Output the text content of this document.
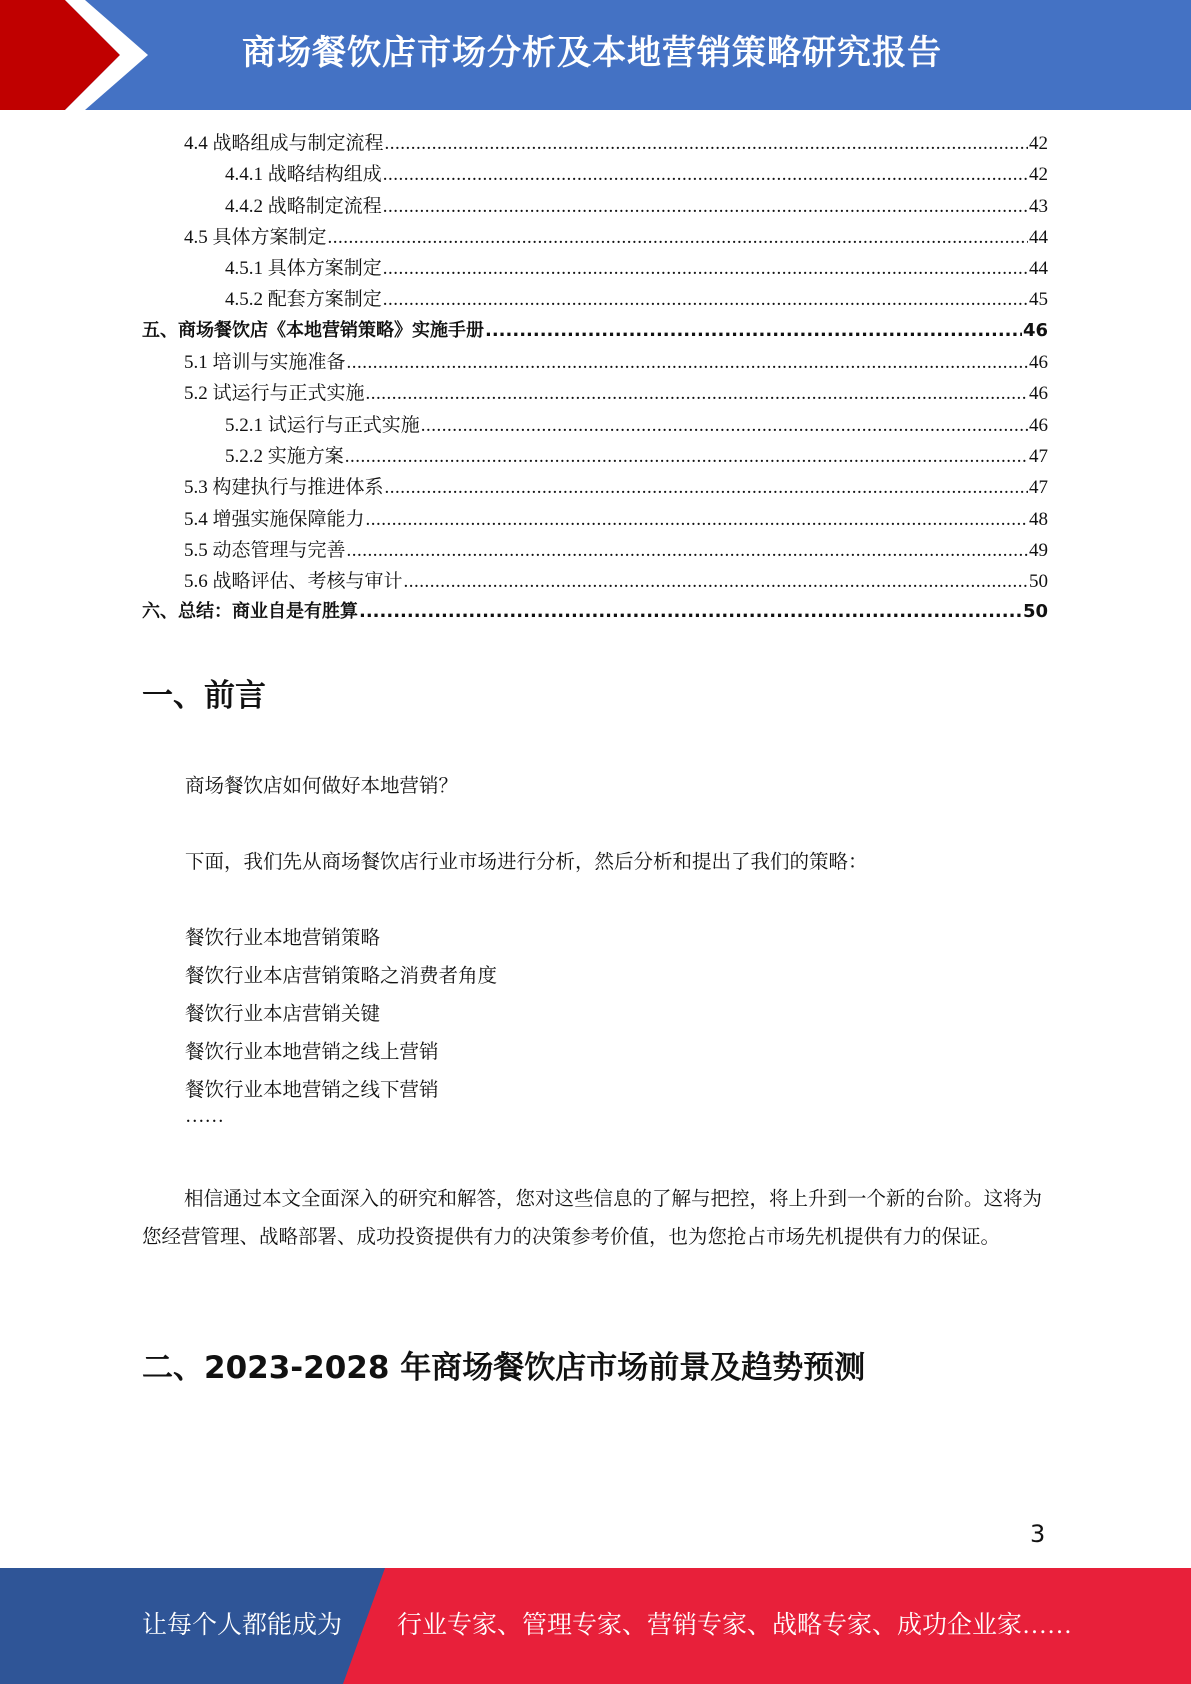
商场餐饮店市场分析及本地营销策略研究报告
4.4 战略组成与制定流程 .....	42
4.4.1 战略结构组成 .....	42
4.4.2 战略制定流程 .....	43
4.5 具体方案制定 .....	44
4.5.1 具体方案制定 .....	44
4.5.2 配套方案制定 .....	45
五、商场餐饮店《本地营销策略》实施手册 .....	46
5.1 培训与实施准备 .....	46
5.2 试运行与正式实施 .....	46
5.2.1 试运行与正式实施 .....	46
5.2.2 实施方案 .....	47
5.3 构建执行与推进体系 .....	47
5.4 增强实施保障能力 .....	48
5.5 动态管理与完善 .....	49
5.6 战略评估、考核与审计 .....	50
六、总结：商业自是有胜算 .....	50
一、前言
商场餐饮店如何做好本地营销？
下面，我们先从商场餐饮店行业市场进行分析，然后分析和提出了我们的策略：
餐饮行业本地营销策略
餐饮行业本店营销策略之消费者角度
餐饮行业本店营销关键
餐饮行业本地营销之线上营销
餐饮行业本地营销之线下营销
……
相信通过本文全面深入的研究和解答，您对这些信息的了解与把控，将上升到一个新的台阶。这将为您经营管理、战略部署、成功投资提供有力的决策参考价值，也为您抢占市场先机提供有力的保证。
二、2023-2028 年商场餐饮店市场前景及趋势预测
3
让每个人都能成为 行业专家、管理专家、营销专家、战略专家、成功企业家……
